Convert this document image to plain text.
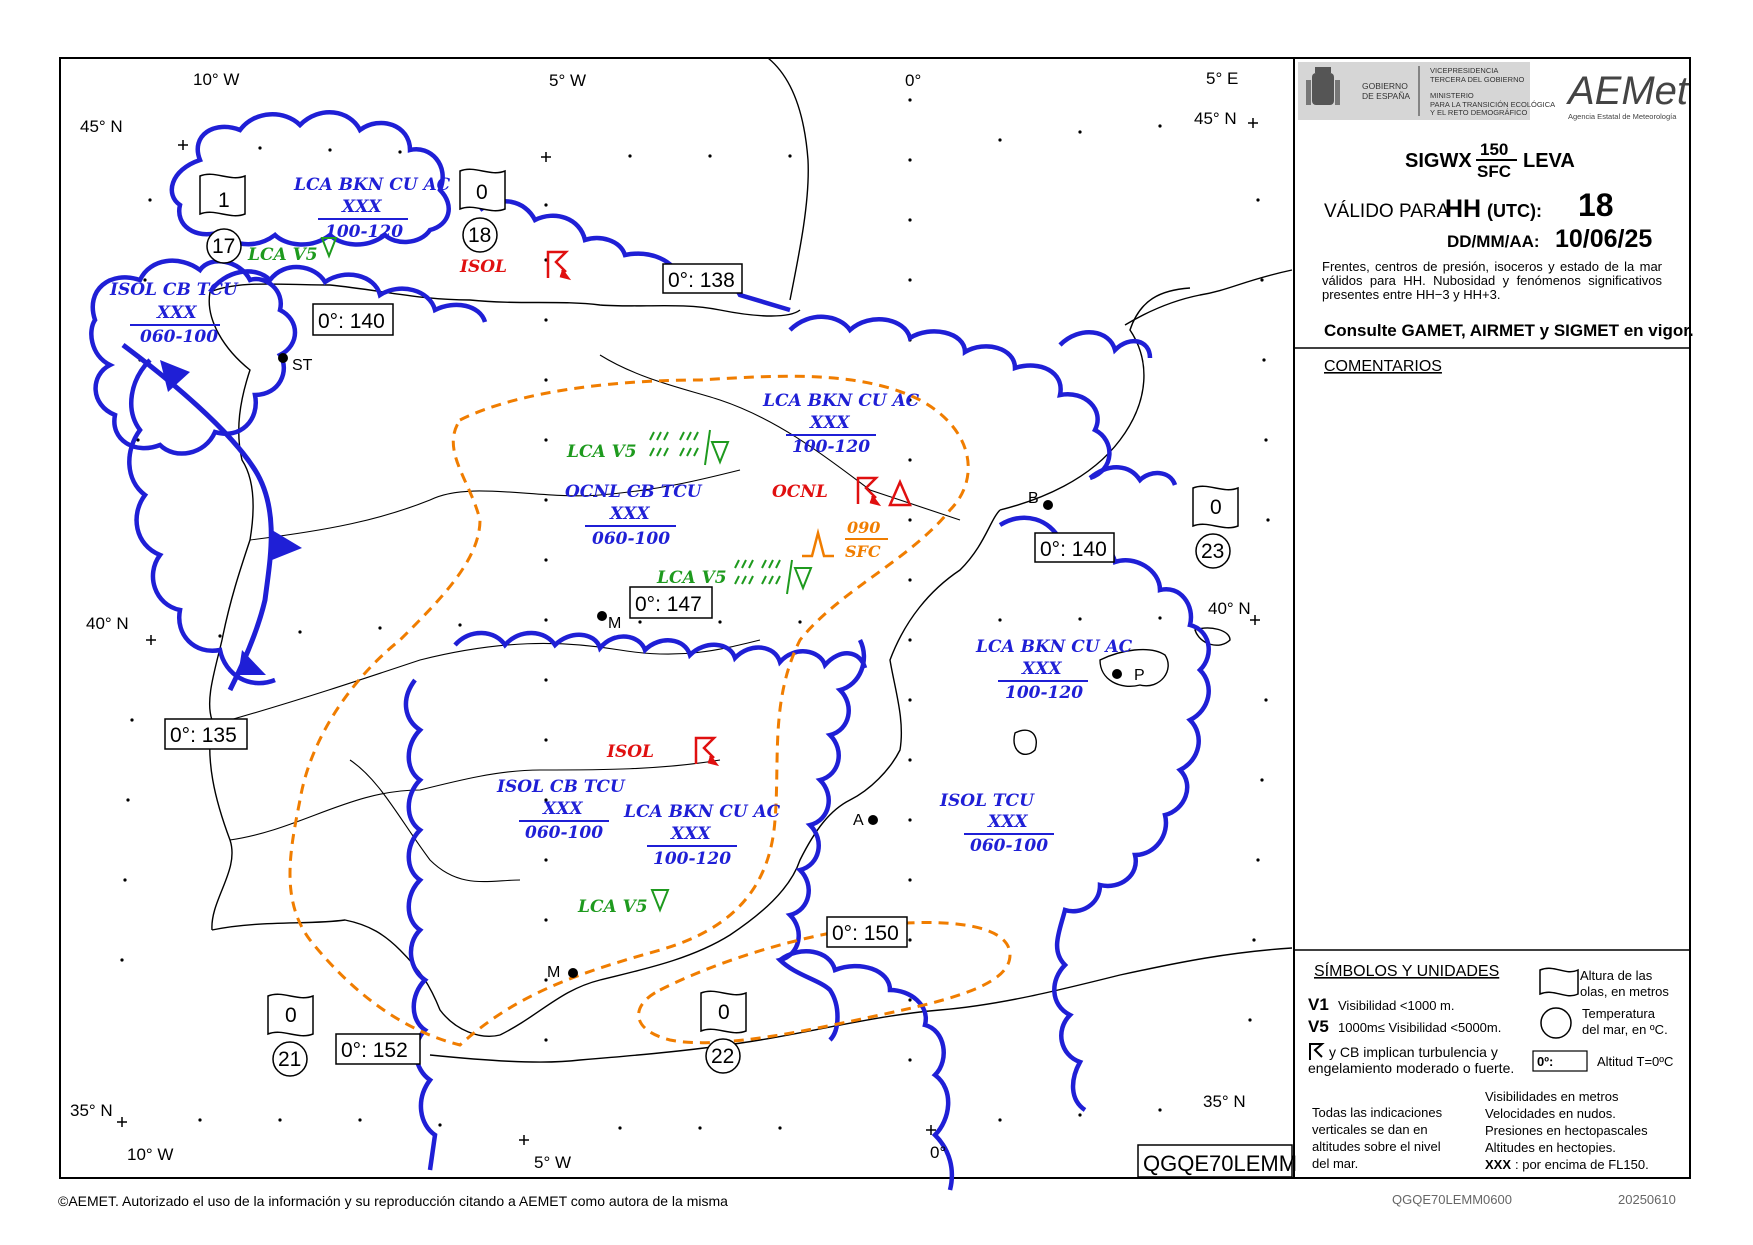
ST
M
M
A
P
B
10° W	5° W	0°	5° E
45° N	45° N
40° N
40° N
35° N	35° N
10° W	5° W
0°
0°: 138
0°: 140
0°: 140
0°: 147
0°: 135
0°: 150
0°: 152
1
17
0
18
0
23
0
21
0
22
ISOL CB TCU
XXX
060-100
LCA BKN CU AC
XXX
100-120
LCA BKN CU AC
XXX
100-120
OCNL CB TCU
XXX
060-100
LCA BKN CU AC
XXX
100-120
ISOL CB TCU
XXX
060-100
LCA BKN CU AC
XXX
100-120
ISOL TCU
XXX
060-100
LCA V5
LCA V5
LCA V5
LCA V5
ISOL
OCNL
ISOL
090
SFC
QGQE70LEMM
GOBIERNO
DE ESPAÑA
VICEPRESIDENCIA
TERCERA DEL GOBIERNO
MINISTERIO
PARA LA TRANSICIÓN ECOLÓGICA
Y EL RETO DEMOGRÁFICO AEMet
Agencia Estatal de Meteorología
SIGWX
150
SFC LEVA
VÁLIDO PARA
HH (UTC): 18
DD/MM/AA: 10/06/25
Frentes, centros de presión, isoceros y estado de la mar válidos para HH. Nubosidad y fenómenos significativos presentes entre HH−3 y HH+3.
Consulte GAMET, AIRMET y SIGMET en vigor.
COMENTARIOS
SÍMBOLOS Y UNIDADES
V1 Visibilidad <1000 m.
V5 1000m≤ Visibilidad <5000m.
y CB implican turbulencia y
engelamiento moderado o fuerte.
Altura de las
olas, en metros
Temperatura
del mar, en ºC.
0º:	Altitud T=0ºC
Todas las indicaciones
verticales se dan en
altitudes sobre el nivel
del mar.
Visibilidades en metros
Velocidades en nudos.
Presiones en hectopascales
Altitudes en hectopies.
XXX : por encima de FL150.
©AEMET. Autorizado el uso de la información y su reproducción citando a AEMET como autora de la misma	QGQE70LEMM0600	20250610
